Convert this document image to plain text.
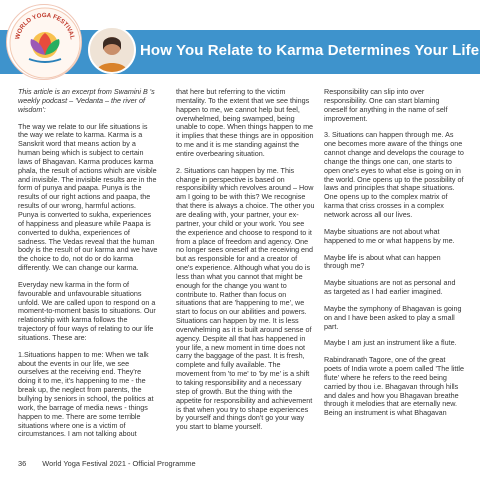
How You Relate to Karma Determines Your Life
WORLD YOGA FESTIVAL

This article is an excerpt from Swamini B 's weekly podcast – 'Vedanta – the river of wisdom':

The way we relate to our life situations is the way we relate to karma. Karma is a Sanskrit word that means action by a human being which is subject to certain laws of Bhagavan. Karma produces karma phala, the result of actions which are visible and invisible. The invisible results are in the form of punya and paapa. Punya is the results of our right actions and paapa, the results of our wrong, harmful actions. Punya is converted to sukha, experiences of happiness and pleasure while Paapa is converted to dukha, experiences of sadness. The Vedas reveal that the human body is the result of our karma and we have the choice to do, not do or do karma differently. We can change our karma.

Everyday new karma in the form of favourable and unfavourable situations unfold. We are called upon to respond on a moment-to-moment basis to situations. Our relationship with karma follows the trajectory of four ways of relating to our life situations. These are:

1.Situations happen to me: When we talk about the events in our life, we see ourselves at the receiving end. They're doing it to me, it's happening to me - the break up, the neglect from parents, the bullying by seniors in school, the politics at work, the barrage of media news - things happen to me. There are some terrible situations where one is a victim of circumstances. I am not talking about

that here but referring to the victim mentality. To the extent that we see things happen to me, we cannot help but feel, overwhelmed, being swamped, being unable to cope. When things happen to me it implies that these things are in opposition to me and it is me standing against the entire overbearing situation.

2. Situations can happen by me. This change in perspective is based on responsibility which revolves around – How am I going to be with this? We recognise that there is always a choice. The other you are dealing with, your partner, your ex-partner, your child or your work. You see the experience and choose to respond to it from a place of freedom and agency. One no longer sees oneself at the receiving end but as responsible for and a creator of one's experience. Although what you do is less than what you cannot that might be enough for the change you want to contribute to. Rather than focus on situations that are 'happening to me', we start to focus on our abilities and powers. Situations can happen by me. It is less overwhelming as it is built around sense of agency. Despite all that has happened in your life, a new moment in time does not carry the baggage of the past. It is fresh, complete and fully available. The movement from 'to me' to 'by me' is a shift to taking responsibility and a necessary step of growth. But the thing with the appetite for responsibility and achievement is that when you try to shape experiences by yourself and things don't go your way you start to blame yourself.

Responsibility can slip into over responsibility. One can start blaming oneself for anything in the name of self improvement.

3. Situations can happen through me. As one becomes more aware of the things one cannot change and develops the courage to change the things one can, one starts to open one's eyes to what else is going on in the world. One opens up to the possibility of laws and principles that shape situations. One opens up to the complex matrix of karma that criss crosses in a complex network across all our lives.

Maybe situations are not about what happened to me or what happens by me.

Maybe life is about what can happen through me?

Maybe situations are not as personal and as targeted as I had earlier imagined.

Maybe the symphony of Bhagavan is going on and I have been asked to play a small part.

Maybe I am just an instrument like a flute.

Rabindranath Tagore, one of the great poets of India wrote a poem called 'The little flute' where he refers to the reed being carried by thou i.e. Bhagavan through hills and dales and how you Bhagavan breathe through it melodies that are eternally new. Being an instrument is what Bhagavan

36 World Yoga Festival 2021 - Official Programme
